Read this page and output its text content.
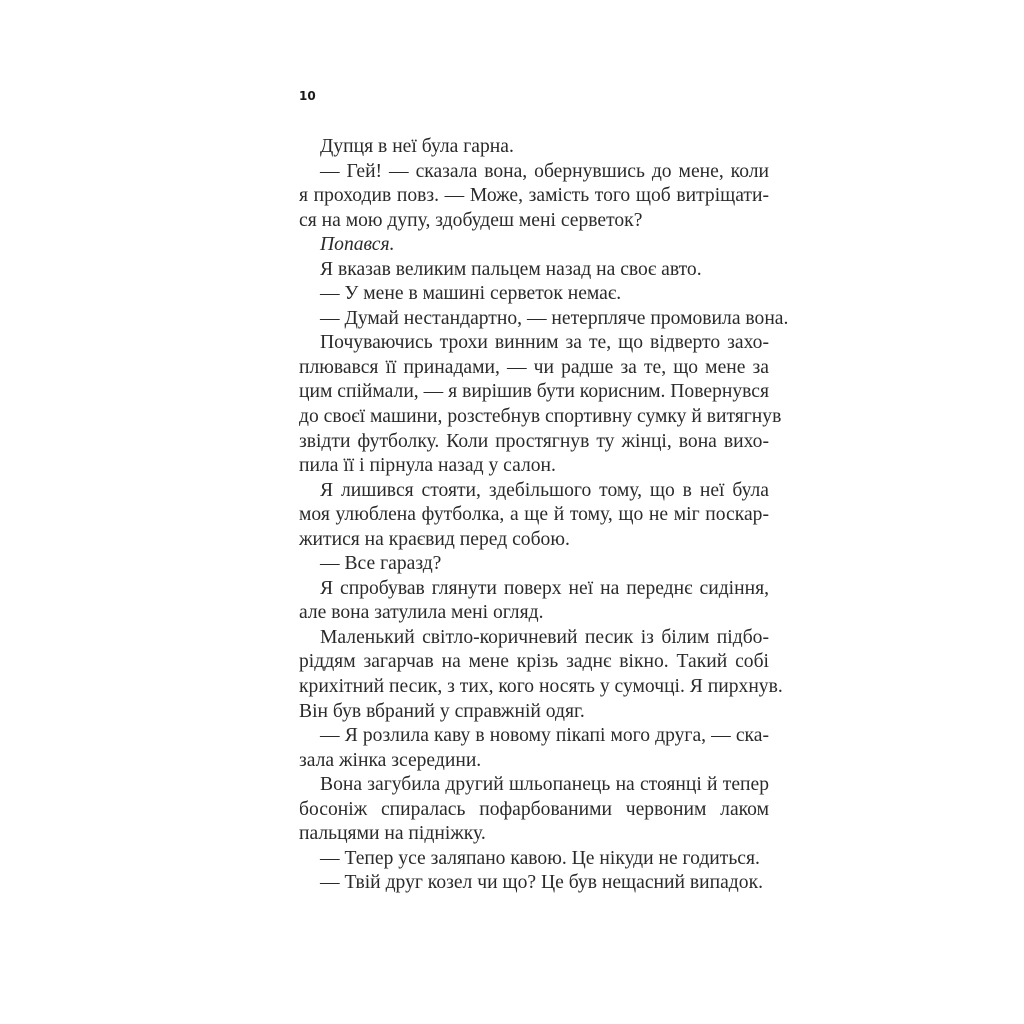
10
Дупця в неї була гарна.
— Гей! — сказала вона, обернувшись до мене, коли
я проходив повз. — Може, замість того щоб витріщати-
ся на мою дупу, здобудеш мені серветок?
Попався.
Я вказав великим пальцем назад на своє авто.
— У мене в машині серветок немає.
— Думай нестандартно, — нетерпляче промовила вона.
Почуваючись трохи винним за те, що відверто захо-
плювався її принадами, — чи радше за те, що мене за
цим спіймали, — я вирішив бути корисним. Повернувся
до своєї машини, розстебнув спортивну сумку й витягнув
звідти футболку. Коли простягнув ту жінці, вона вихо-
пила її і пірнула назад у салон.
Я лишився стояти, здебільшого тому, що в неї була
моя улюблена футболка, а ще й тому, що не міг поскар-
житися на краєвид перед собою.
— Все гаразд?
Я спробував глянути поверх неї на переднє сидіння,
але вона затулила мені огляд.
Маленький світло-коричневий песик із білим підбо-
ріддям загарчав на мене крізь заднє вікно. Такий собі
крихітний песик, з тих, кого носять у сумочці. Я пирхнув.
Він був вбраний у справжній одяг.
— Я розлила каву в новому пікапі мого друга, — ска-
зала жінка зсередини.
Вона загубила другий шльопанець на стоянці й тепер
босоніж спиралась пофарбованими червоним лаком
пальцями на підніжку.
— Тепер усе заляпано кавою. Це нікуди не годиться.
— Твій друг козел чи що? Це був нещасний випадок.
